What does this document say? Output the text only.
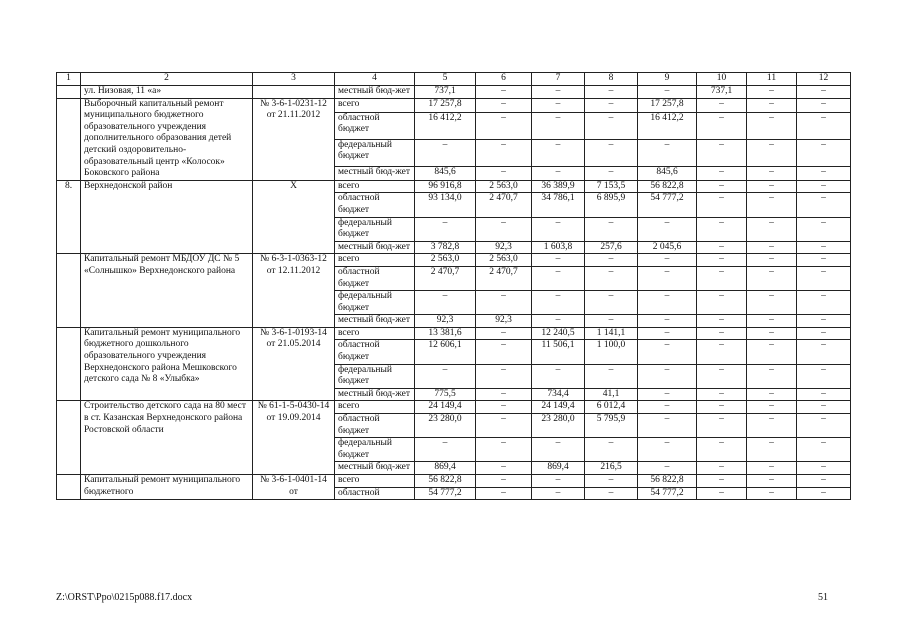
1	2	3	4	5	6	7	8	9	10	11	12
	ул. Низовая, 11 «а»		местный бюд-жет	737,1	–	–	–	–	737,1	–	–
	Выборочный капитальный ремонт муниципального бюджетного образовательного учреждения дополнительного образования детей детский оздоровительно-образовательный центр «Колосок» Боковского района	№ 3-6-1-0231-12 от 21.11.2012	всего	17 257,8	–	–	–	17 257,8	–	–	–
			областной бюджет	16 412,2	–	–	–	16 412,2	–	–	–
			федеральный бюджет	–	–	–	–	–	–	–	–
			местный бюд-жет	845,6	–	–	–	845,6	–	–	–
8.	Верхнедонской район	Х	всего	96 916,8	2 563,0	36 389,9	7 153,5	56 822,8	–	–	–
			областной бюджет	93 134,0	2 470,7	34 786,1	6 895,9	54 777,2	–	–	–
			федеральный бюджет	–	–	–	–	–	–	–	–
			местный бюд-жет	3 782,8	92,3	1 603,8	257,6	2 045,6	–	–	–
	Капитальный ремонт МБДОУ ДС № 5 «Солнышко» Верхнедонского района	№ 6-3-1-0363-12 от 12.11.2012	всего	2 563,0	2 563,0	–	–	–	–	–	–
			областной бюджет	2 470,7	2 470,7	–	–	–	–	–	–
			федеральный бюджет	–	–	–	–	–	–	–	–
			местный бюд-жет	92,3	92,3	–	–	–	–	–	–
	Капитальный ремонт муниципального бюджетного дошкольного образовательного учреждения Верхнедонского района Мешковского детского сада № 8 «Улыбка»	№ 3-6-1-0193-14 от 21.05.2014	всего	13 381,6	–	12 240,5	1 141,1	–	–	–	–
			областной бюджет	12 606,1	–	11 506,1	1 100,0	–	–	–	–
			федеральный бюджет	–	–	–	–	–	–	–	–
			местный бюд-жет	775,5	–	734,4	41,1	–	–	–	–
	Строительство детского сада на 80 мест в ст. Казанская Верхнедонского района Ростовской области	№ 61-1-5-0430-14 от 19.09.2014	всего	24 149,4	–	24 149,4	6 012,4	–	–	–	–
			областной бюджет	23 280,0	–	23 280,0	5 795,9	–	–	–	–
			федеральный бюджет	–	–	–	–	–	–	–	–
			местный бюд-жет	869,4	–	869,4	216,5	–	–	–	–
	Капитальный ремонт муниципального бюджетного	№ 3-6-1-0401-14 от	всего	56 822,8	–	–	–	56 822,8	–	–	–
			областной	54 777,2	–	–	–	54 777,2	–	–	–
Z:\ORST\Ppo\0215p088.f17.docx	51
